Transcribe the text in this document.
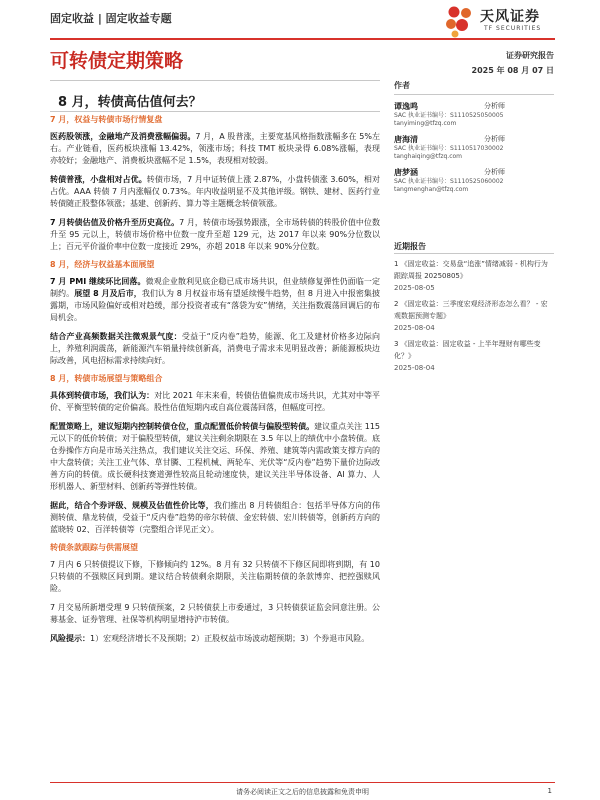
固定收益 | 固定收益专题	天风证券
TF SECURITIES
可转债定期策略	证券研究报告
2025 年 08 月 07 日
8 月，转债高估值何去？

7 月，权益与转债市场行情复盘

医药股领涨，金融地产及消费涨幅偏弱。7 月，A 股普涨，主要宽基风格指数涨幅多在 5%左右。产业链看，医药板块涨幅 13.42%，领涨市场；科技 TMT 板块录得 6.08%涨幅，表现亦较好；金融地产、消费板块涨幅不足 1.5%，表现相对较弱。

转债普涨，小盘相对占优。转债市场，7 月中证转债上涨 2.87%，小盘转债涨 3.60%，相对占优。AAA 转债 7 月内涨幅仅 0.73%。年内收益明显不及其他评级。钢铁、建材、医药行业转债随正股整体领涨；基建、创新药、算力等主题概念转债领涨。

7 月转债估值及价格升至历史高位。7 月，转债市场强势跟涨，全市场转债的转股价值中位数升至 95 元以上，转债市场价格中位数一度升至超 129 元，达 2017 年以来 90%分位数以上；百元平价溢价率中位数一度接近 29%，亦超 2018 年以来 90%分位数。

8 月，经济与权益基本面展望

7 月 PMI 继续环比回落。微观企业散利见底企稳已成市场共识，但业绩修复弹性仍面临一定制约。展望 8 月及后市，我们认为 8 月权益市场有望延续慢牛趋势，但 8 月进入中报密集披露期，市场风险偏好或相对趋缓，部分投资者或有“落袋为安”情绪，关注指数震荡回调后的布局机会。

结合产业高频数据关注微观景气度：受益于“反内卷”趋势，能源、化工及建材价格多边际向上，养殖利润震荡，新能源汽车销量持续创新高，消费电子需求未见明显改善；新能源板块边际改善，风电招标需求持续向好。

8 月，转债市场展望与策略组合

具体到转债市场，我们认为：对比 2021 年末来看，转债估值偏贵成市场共识，尤其对中等平价、平衡型转债的定价偏高。股性估值短期内或自高位震荡回落，但幅度可控。

配置策略上，建议短期内控制转债仓位，重点配置低价转债与偏股型转债。建议重点关注 115 元以下的低价转债；对于偏股型转债，建议关注剩余期限在 3.5 年以上的绩优中小盘转债。底仓券操作方向是市场关注热点，我们建议关注交运、环保、养殖、建筑等内需政策支撑方向的中大盘转债；关注工业气体、草甘膦、工程机械、两轮车、光伏等“反内卷”趋势下量价边际改善方向的转债。成长硬科技赛道弹性较高且轮动速度快，建议关注半导体设备、AI 算力、人形机器人、新型材料、创新药等弹性转债。

据此，结合个券评级、规模及估值性价比等，我们推出 8 月转债组合：包括半导体方向的伟测转债、鼎龙转债，受益于“反内卷”趋势的帝尔转债、金宏转债、宏川转债等，创新药方向的蓝晓转 02、百洋转债等（完整组合详见正文）。

转债条款跟踪与供需展望

7 月内 6 只转债提议下修，下修倾向约 12%。8 月有 32 只转债不下修区间即将到期，有 10 只转债的不强赎区间到期。建议结合转债剩余期限，关注临期转债的条款博弈、把控强赎风险。

7 月交易所新增受理 9 只转债预案，2 只转债获上市委通过，3 只转债获证监会同意注册。公募基金、证券管理、社保等机构明显增持沪市转债。

风险提示：1）宏观经济增长不及预期；2）正股权益市场波动超预期；3）个券退市风险。

作者

谭逸鸣	分析师
SAC 执业证书编号：S1110525050005
tanyiming@tfzq.com
唐海清	分析师
SAC 执业证书编号：S1110517030002
tanghaiqing@tfzq.com
唐梦涵	分析师
SAC 执业证书编号：S1110525060002
tangmenghan@tfzq.com
近期报告
1 《固定收益：交易盘“追涨”情绪减弱 - 机构行为跟踪周报 20250805》
2025-08-05
2 《固定收益：三季度宏观经济形态怎么看？ - 宏观数据预测专题》
2025-08-04
3 《固定收益：固定收益 - 上半年理财有哪些变化？》
2025-08-04
请务必阅读正文之后的信息披露和免责申明	1
